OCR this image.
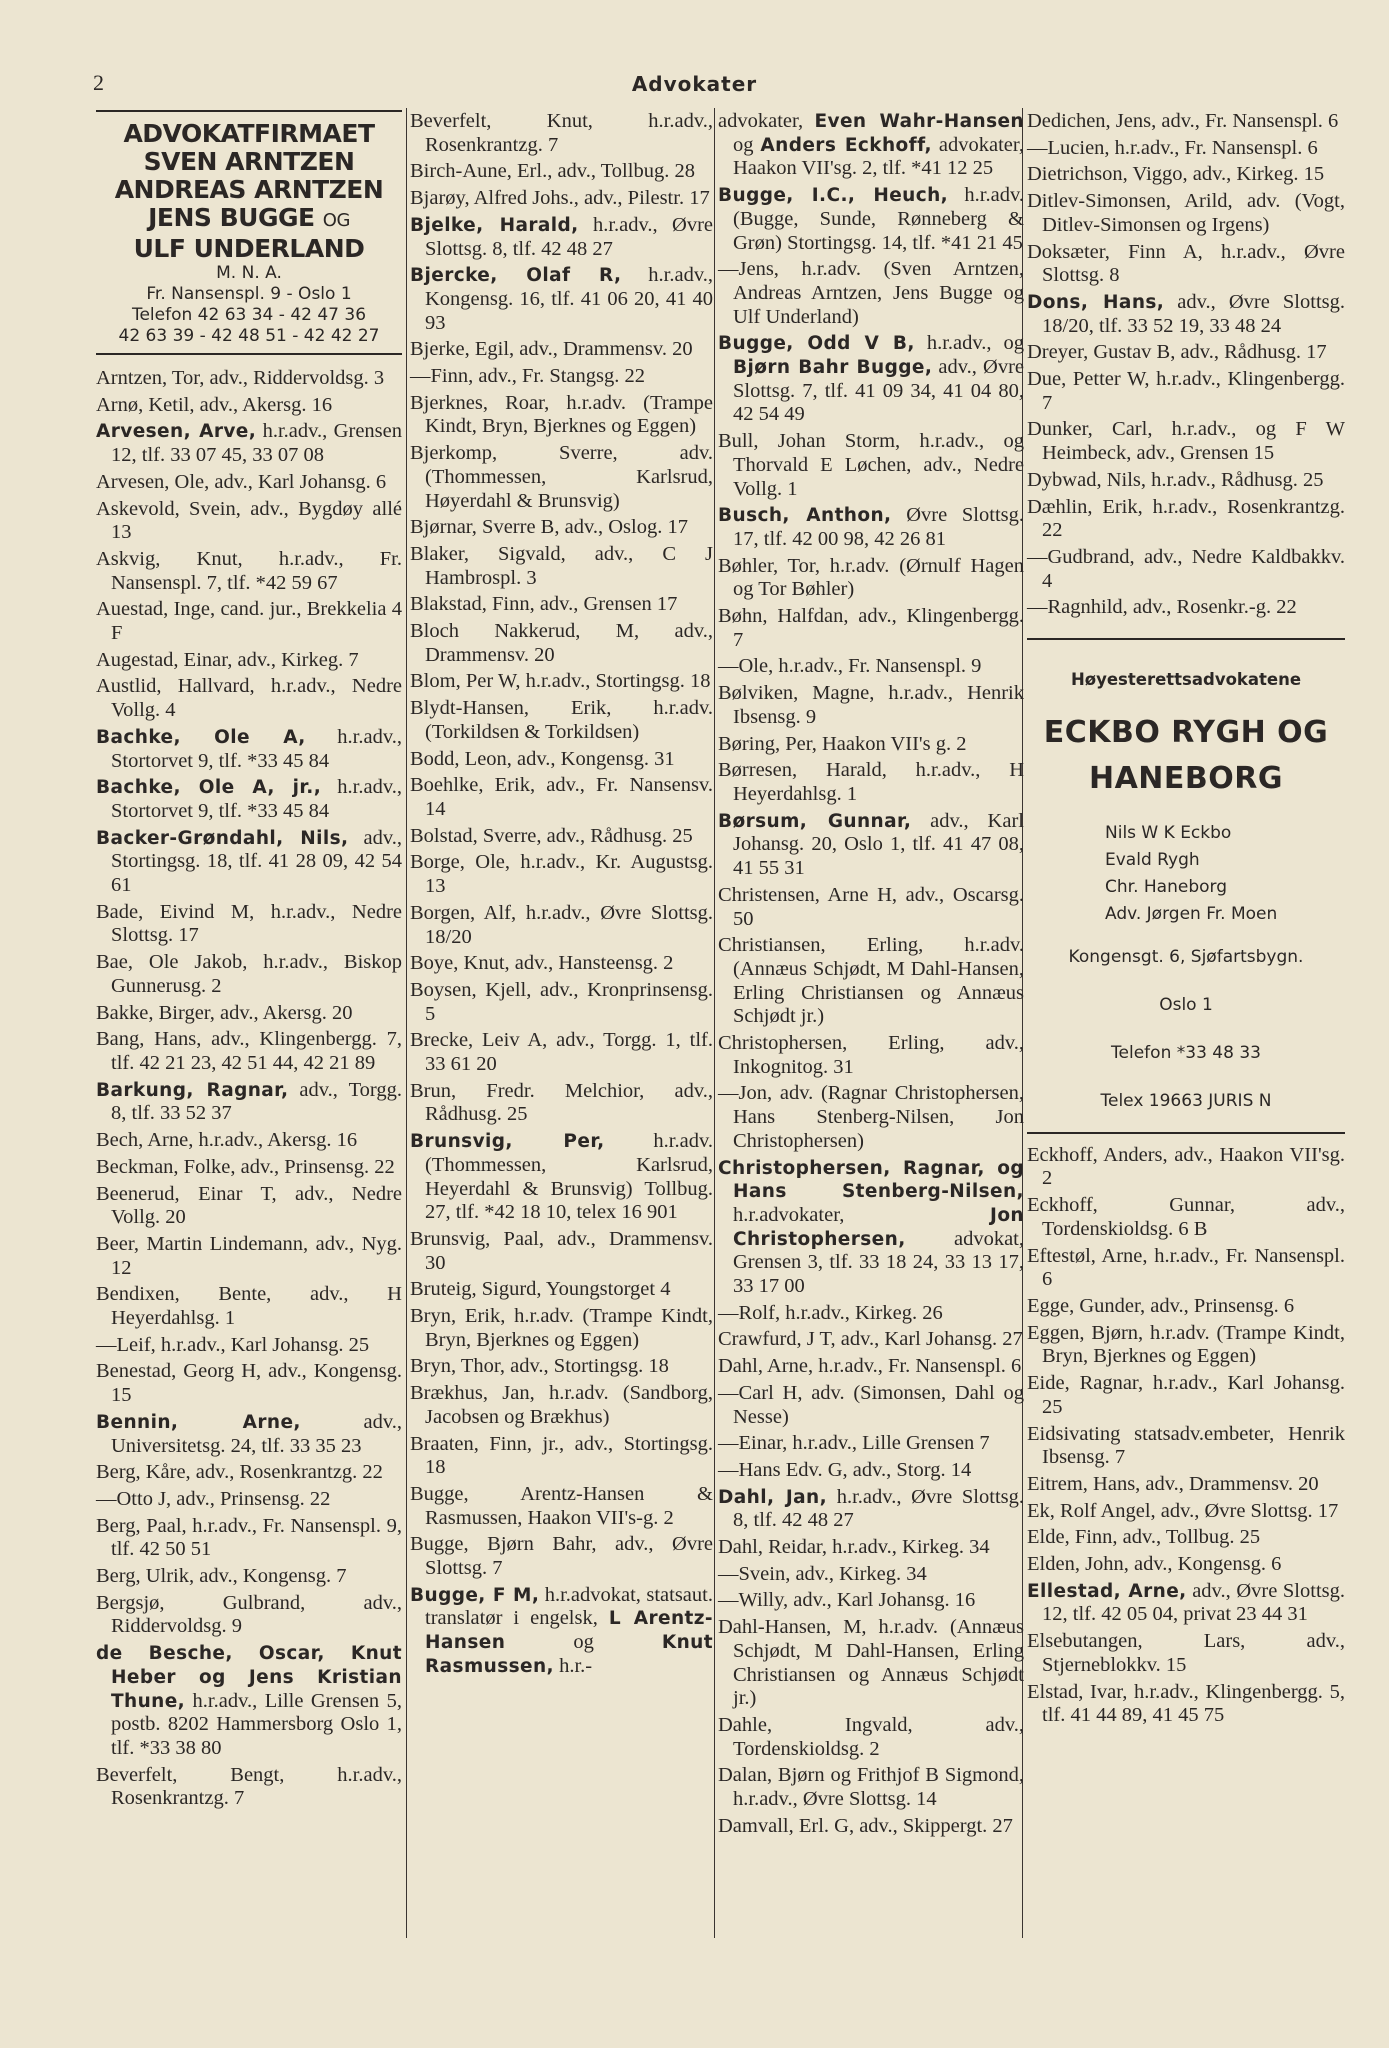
2	Advokater
ADVOKATFIRMAET
SVEN ARNTZEN
ANDREAS ARNTZEN
JENS BUGGE OG
ULF UNDERLAND
M. N. A.
Fr. Nansenspl. 9 - Oslo 1
Telefon 42 63 34 - 42 47 36
42 63 39 - 42 48 51 - 42 42 27
Arntzen, Tor, adv., Riddervoldsg. 3
Arnø, Ketil, adv., Akersg. 16
Arvesen, Arve, h.r.adv., Grensen 12, tlf. 33 07 45, 33 07 08
Arvesen, Ole, adv., Karl Johansg. 6
Askevold, Svein, adv., Bygdøy allé 13
Askvig, Knut, h.r.adv., Fr. Nansenspl. 7, tlf. *42 59 67
Auestad, Inge, cand. jur., Brekkelia 4 F
Augestad, Einar, adv., Kirkeg. 7
Austlid, Hallvard, h.r.adv., Nedre Vollg. 4
Bachke, Ole A, h.r.adv., Stortorvet 9, tlf. *33 45 84
Bachke, Ole A, jr., h.r.adv., Stortorvet 9, tlf. *33 45 84
Backer-Grøndahl, Nils, adv., Stortingsg. 18, tlf. 41 28 09, 42 54 61
Bade, Eivind M, h.r.adv., Nedre Slottsg. 17
Bae, Ole Jakob, h.r.adv., Biskop Gunnerusg. 2
Bakke, Birger, adv., Akersg. 20
Bang, Hans, adv., Klingenbergg. 7, tlf. 42 21 23, 42 51 44, 42 21 89
Barkung, Ragnar, adv., Torgg. 8, tlf. 33 52 37
Bech, Arne, h.r.adv., Akersg. 16
Beckman, Folke, adv., Prinsensg. 22
Beenerud, Einar T, adv., Nedre Vollg. 20
Beer, Martin Lindemann, adv., Nyg. 12
Bendixen, Bente, adv., H Heyerdahlsg. 1
—Leif, h.r.adv., Karl Johansg. 25
Benestad, Georg H, adv., Kongensg. 15
Bennin, Arne, adv., Universitetsg. 24, tlf. 33 35 23
Berg, Kåre, adv., Rosenkrantzg. 22
—Otto J, adv., Prinsensg. 22
Berg, Paal, h.r.adv., Fr. Nansenspl. 9, tlf. 42 50 51
Berg, Ulrik, adv., Kongensg. 7
Bergsjø, Gulbrand, adv., Riddervoldsg. 9
de Besche, Oscar, Knut Heber og Jens Kristian Thune, h.r.adv., Lille Grensen 5, postb. 8202 Hammersborg Oslo 1, tlf. *33 38 80
Beverfelt, Bengt, h.r.adv., Rosenkrantzg. 7
Beverfelt, Knut, h.r.adv., Rosenkrantzg. 7
Birch-Aune, Erl., adv., Tollbug. 28
Bjarøy, Alfred Johs., adv., Pilestr. 17
Bjelke, Harald, h.r.adv., Øvre Slottsg. 8, tlf. 42 48 27
Bjercke, Olaf R, h.r.adv., Kongensg. 16, tlf. 41 06 20, 41 40 93
Bjerke, Egil, adv., Drammensv. 20
—Finn, adv., Fr. Stangsg. 22
Bjerknes, Roar, h.r.adv. (Trampe Kindt, Bryn, Bjerknes og Eggen)
Bjerkomp, Sverre, adv. (Thommessen, Karlsrud, Høyerdahl & Brunsvig)
Bjørnar, Sverre B, adv., Oslog. 17
Blaker, Sigvald, adv., C J Hambrospl. 3
Blakstad, Finn, adv., Grensen 17
Bloch Nakkerud, M, adv., Drammensv. 20
Blom, Per W, h.r.adv., Stortingsg. 18
Blydt-Hansen, Erik, h.r.adv. (Torkildsen & Torkildsen)
Bodd, Leon, adv., Kongensg. 31
Boehlke, Erik, adv., Fr. Nansensv. 14
Bolstad, Sverre, adv., Rådhusg. 25
Borge, Ole, h.r.adv., Kr. Augustsg. 13
Borgen, Alf, h.r.adv., Øvre Slottsg. 18/20
Boye, Knut, adv., Hansteensg. 2
Boysen, Kjell, adv., Kronprinsensg. 5
Brecke, Leiv A, adv., Torgg. 1, tlf. 33 61 20
Brun, Fredr. Melchior, adv., Rådhusg. 25
Brunsvig, Per, h.r.adv. (Thommessen, Karlsrud, Heyerdahl & Brunsvig) Tollbug. 27, tlf. *42 18 10, telex 16 901
Brunsvig, Paal, adv., Drammensv. 30
Bruteig, Sigurd, Youngstorget 4
Bryn, Erik, h.r.adv. (Trampe Kindt, Bryn, Bjerknes og Eggen)
Bryn, Thor, adv., Stortingsg. 18
Brækhus, Jan, h.r.adv. (Sandborg, Jacobsen og Brækhus)
Braaten, Finn, jr., adv., Stortingsg. 18
Bugge, Arentz-Hansen & Rasmussen, Haakon VII's-g. 2
Bugge, Bjørn Bahr, adv., Øvre Slottsg. 7
Bugge, F M, h.r.advokat, statsaut. translatør i engelsk, L Arentz-Hansen og Knut Rasmussen, h.r.-
advokater, Even Wahr-Hansen og Anders Eckhoff, advokater, Haakon VII'sg. 2, tlf. *41 12 25
Bugge, I.C., Heuch, h.r.adv. (Bugge, Sunde, Rønneberg & Grøn) Stortingsg. 14, tlf. *41 21 45
—Jens, h.r.adv. (Sven Arntzen, Andreas Arntzen, Jens Bugge og Ulf Underland)
Bugge, Odd V B, h.r.adv., og Bjørn Bahr Bugge, adv., Øvre Slottsg. 7, tlf. 41 09 34, 41 04 80, 42 54 49
Bull, Johan Storm, h.r.adv., og Thorvald E Løchen, adv., Nedre Vollg. 1
Busch, Anthon, Øvre Slottsg. 17, tlf. 42 00 98, 42 26 81
Bøhler, Tor, h.r.adv. (Ørnulf Hagen og Tor Bøhler)
Bøhn, Halfdan, adv., Klingenbergg. 7
—Ole, h.r.adv., Fr. Nansenspl. 9
Bølviken, Magne, h.r.adv., Henrik Ibsensg. 9
Børing, Per, Haakon VII's g. 2
Børresen, Harald, h.r.adv., H Heyerdahlsg. 1
Børsum, Gunnar, adv., Karl Johansg. 20, Oslo 1, tlf. 41 47 08, 41 55 31
Christensen, Arne H, adv., Oscarsg. 50
Christiansen, Erling, h.r.adv. (Annæus Schjødt, M Dahl-Hansen, Erling Christiansen og Annæus Schjødt jr.)
Christophersen, Erling, adv., Inkognitog. 31
—Jon, adv. (Ragnar Christophersen, Hans Stenberg-Nilsen, Jon Christophersen)
Christophersen, Ragnar, og Hans Stenberg-Nilsen, h.r.advokater, Jon Christophersen, advokat, Grensen 3, tlf. 33 18 24, 33 13 17, 33 17 00
—Rolf, h.r.adv., Kirkeg. 26
Crawfurd, J T, adv., Karl Johansg. 27
Dahl, Arne, h.r.adv., Fr. Nansenspl. 6
—Carl H, adv. (Simonsen, Dahl og Nesse)
—Einar, h.r.adv., Lille Grensen 7
—Hans Edv. G, adv., Storg. 14
Dahl, Jan, h.r.adv., Øvre Slottsg. 8, tlf. 42 48 27
Dahl, Reidar, h.r.adv., Kirkeg. 34
—Svein, adv., Kirkeg. 34
—Willy, adv., Karl Johansg. 16
Dahl-Hansen, M, h.r.adv. (Annæus Schjødt, M Dahl-Hansen, Erling Christiansen og Annæus Schjødt jr.)
Dahle, Ingvald, adv., Tordenskioldsg. 2
Dalan, Bjørn og Frithjof B Sigmond, h.r.adv., Øvre Slottsg. 14
Damvall, Erl. G, adv., Skippergt. 27
Dedichen, Jens, adv., Fr. Nansenspl. 6
—Lucien, h.r.adv., Fr. Nansenspl. 6
Dietrichson, Viggo, adv., Kirkeg. 15
Ditlev-Simonsen, Arild, adv. (Vogt, Ditlev-Simonsen og Irgens)
Doksæter, Finn A, h.r.adv., Øvre Slottsg. 8
Dons, Hans, adv., Øvre Slottsg. 18/20, tlf. 33 52 19, 33 48 24
Dreyer, Gustav B, adv., Rådhusg. 17
Due, Petter W, h.r.adv., Klingenbergg. 7
Dunker, Carl, h.r.adv., og F W Heimbeck, adv., Grensen 15
Dybwad, Nils, h.r.adv., Rådhusg. 25
Dæhlin, Erik, h.r.adv., Rosenkrantzg. 22
—Gudbrand, adv., Nedre Kaldbakkv. 4
—Ragnhild, adv., Rosenkr.-g. 22
Høyesterettsadvokatene
ECKBO RYGH OG
HANEBORG
Nils W K Eckbo
Evald Rygh
Chr. Haneborg
Adv. Jørgen Fr. Moen
Kongensgt. 6, Sjøfartsbygn.
Oslo 1
Telefon *33 48 33
Telex 19663 JURIS N
Eckhoff, Anders, adv., Haakon VII'sg. 2
Eckhoff, Gunnar, adv., Tordenskioldsg. 6 B
Eftestøl, Arne, h.r.adv., Fr. Nansenspl. 6
Egge, Gunder, adv., Prinsensg. 6
Eggen, Bjørn, h.r.adv. (Trampe Kindt, Bryn, Bjerknes og Eggen)
Eide, Ragnar, h.r.adv., Karl Johansg. 25
Eidsivating statsadv.embeter, Henrik Ibsensg. 7
Eitrem, Hans, adv., Drammensv. 20
Ek, Rolf Angel, adv., Øvre Slottsg. 17
Elde, Finn, adv., Tollbug. 25
Elden, John, adv., Kongensg. 6
Ellestad, Arne, adv., Øvre Slottsg. 12, tlf. 42 05 04, privat 23 44 31
Elsebutangen, Lars, adv., Stjerneblokkv. 15
Elstad, Ivar, h.r.adv., Klingenbergg. 5, tlf. 41 44 89, 41 45 75
